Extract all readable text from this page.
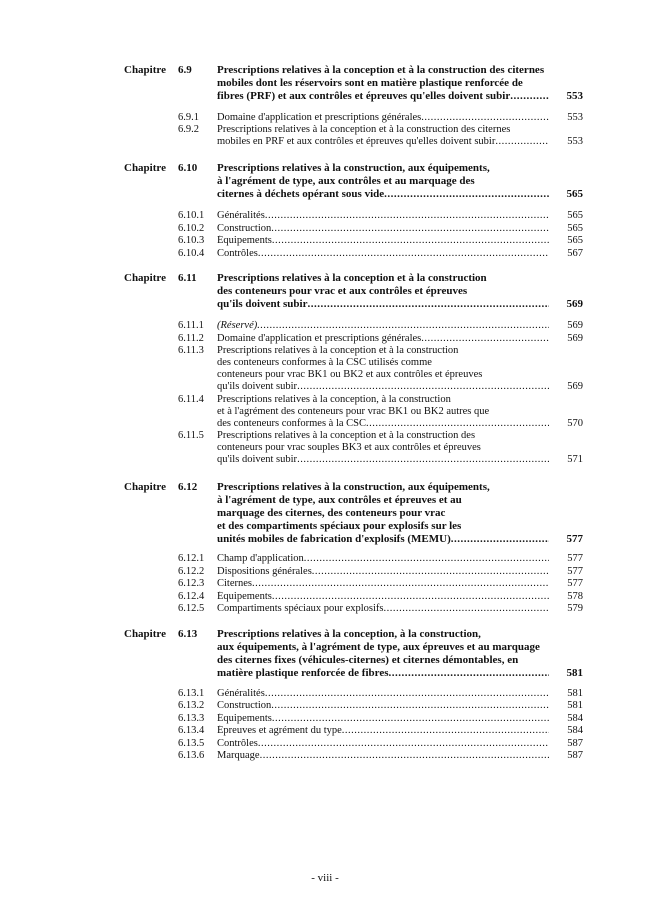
Chapitre 6.9 Prescriptions relatives à la conception et à la construction des citernes
mobiles dont les réservoirs sont en matière plastique renforcée de
fibres (PRF) et aux contrôles et épreuves qu'elles doivent subir .....	553
6.9.1 Domaine d'application et prescriptions générales .....	553
6.9.2 Prescriptions relatives à la conception et à la construction des citernes
mobiles en PRF et aux contrôles et épreuves qu'elles doivent subir .....	553
Chapitre 6.10 Prescriptions relatives à la construction, aux équipements,
à l'agrément de type, aux contrôles et au marquage des
citernes à déchets opérant sous vide .....	565
6.10.1 Généralités .....	565
6.10.2 Construction .....	565
6.10.3 Équipements .....	565
6.10.4 Contrôles .....	567
Chapitre 6.11 Prescriptions relatives à la conception et à la construction
des conteneurs pour vrac et aux contrôles et épreuves
qu'ils doivent subir .....	569
6.11.1 (Réservé) .....	569
6.11.2 Domaine d'application et prescriptions générales .....	569
6.11.3 Prescriptions relatives à la conception et à la construction
des conteneurs conformes à la CSC utilisés comme
conteneurs pour vrac BK1 ou BK2 et aux contrôles et épreuves
qu'ils doivent subir .....	569
6.11.4 Prescriptions relatives à la conception, à la construction
et à l'agrément des conteneurs pour vrac BK1 ou BK2 autres que
des conteneurs conformes à la CSC .....	570
6.11.5 Prescriptions relatives à la conception et à la construction des
conteneurs pour vrac souples BK3 et aux contrôles et épreuves
qu'ils doivent subir .....	571
Chapitre 6.12 Prescriptions relatives à la construction, aux équipements,
à l'agrément de type, aux contrôles et épreuves et au
marquage des citernes, des conteneurs pour vrac
et des compartiments spéciaux pour explosifs sur les
unités mobiles de fabrication d'explosifs (MEMU) .....	577
6.12.1 Champ d'application .....	577
6.12.2 Dispositions générales .....	577
6.12.3 Citernes .....	577
6.12.4 Équipements .....	578
6.12.5 Compartiments spéciaux pour explosifs .....	579
Chapitre 6.13 Prescriptions relatives à la conception, à la construction,
aux équipements, à l'agrément de type, aux épreuves et au marquage
des citernes fixes (véhicules-citernes) et citernes démontables, en
matière plastique renforcée de fibres .....	581
6.13.1 Généralités .....	581
6.13.2 Construction .....	581
6.13.3 Équipements .....	584
6.13.4 Épreuves et agrément du type .....	584
6.13.5 Contrôles .....	587
6.13.6 Marquage .....	587
- viii -
